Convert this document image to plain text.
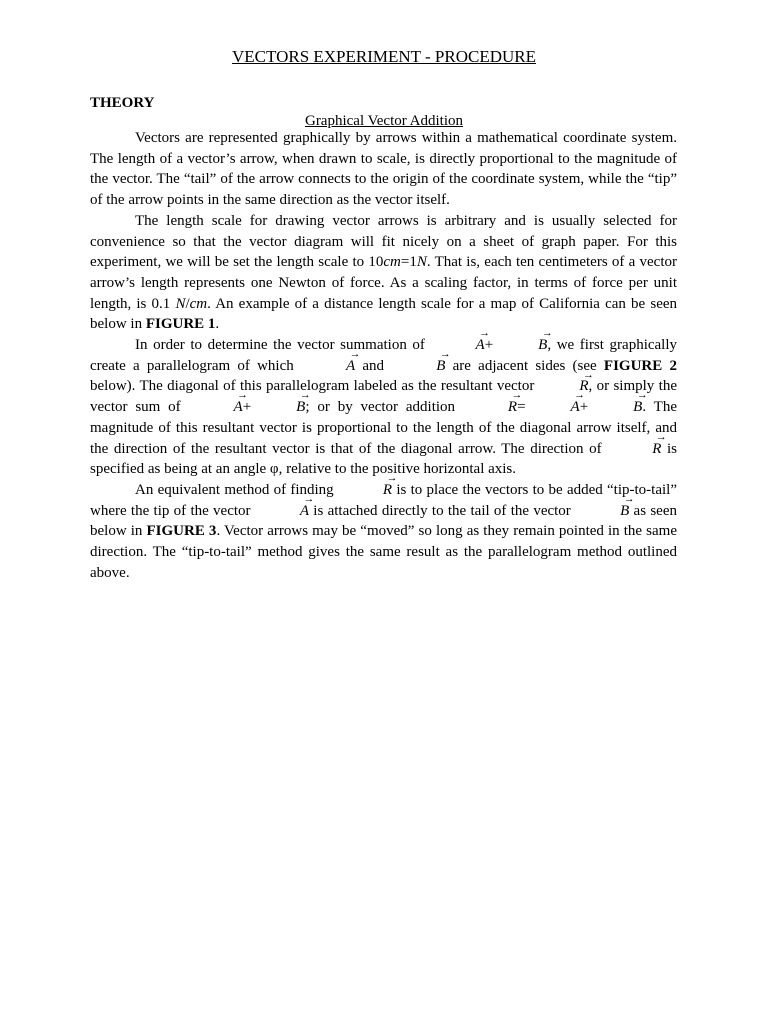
VECTORS EXPERIMENT - PROCEDURE
THEORY
Graphical Vector Addition

Vectors are represented graphically by arrows within a mathematical coordinate system. The length of a vector’s arrow, when drawn to scale, is directly proportional to the magnitude of the vector. The “tail” of the arrow connects to the origin of the coordinate system, while the “tip” of the arrow points in the same direction as the vector itself.

The length scale for drawing vector arrows is arbitrary and is usually selected for convenience so that the vector diagram will fit nicely on a sheet of graph paper. For this experiment, we will be set the length scale to 10cm=1N. That is, each ten centimeters of a vector arrow’s length represents one Newton of force. As a scaling factor, in terms of force per unit length, is 0.1 N/cm. An example of a distance length scale for a map of California can be seen below in FIGURE 1.

In order to determine the vector summation of	→ A+	→ B, we first graphically create a parallelogram of which	→ A and	→ B are adjacent sides (see FIGURE 2 below). The diagonal of this parallelogram labeled as the resultant vector	→ R, or simply the vector sum of	→ A+	→ B; or by vector addition	→ R=	→ A+	→ B. The magnitude of this resultant vector is proportional to the length of the diagonal arrow itself, and the direction of the resultant vector is that of the diagonal arrow. The direction of	→ R is specified as being at an angle φ, relative to the positive horizontal axis.

An equivalent method of finding	→ R is to place the vectors to be added “tip-to-tail” where the tip of the vector	→ A is attached directly to the tail of the vector	→ B as seen below in FIGURE 3. Vector arrows may be “moved” so long as they remain pointed in the same direction. The “tip-to-tail” method gives the same result as the parallelogram method outlined above.
